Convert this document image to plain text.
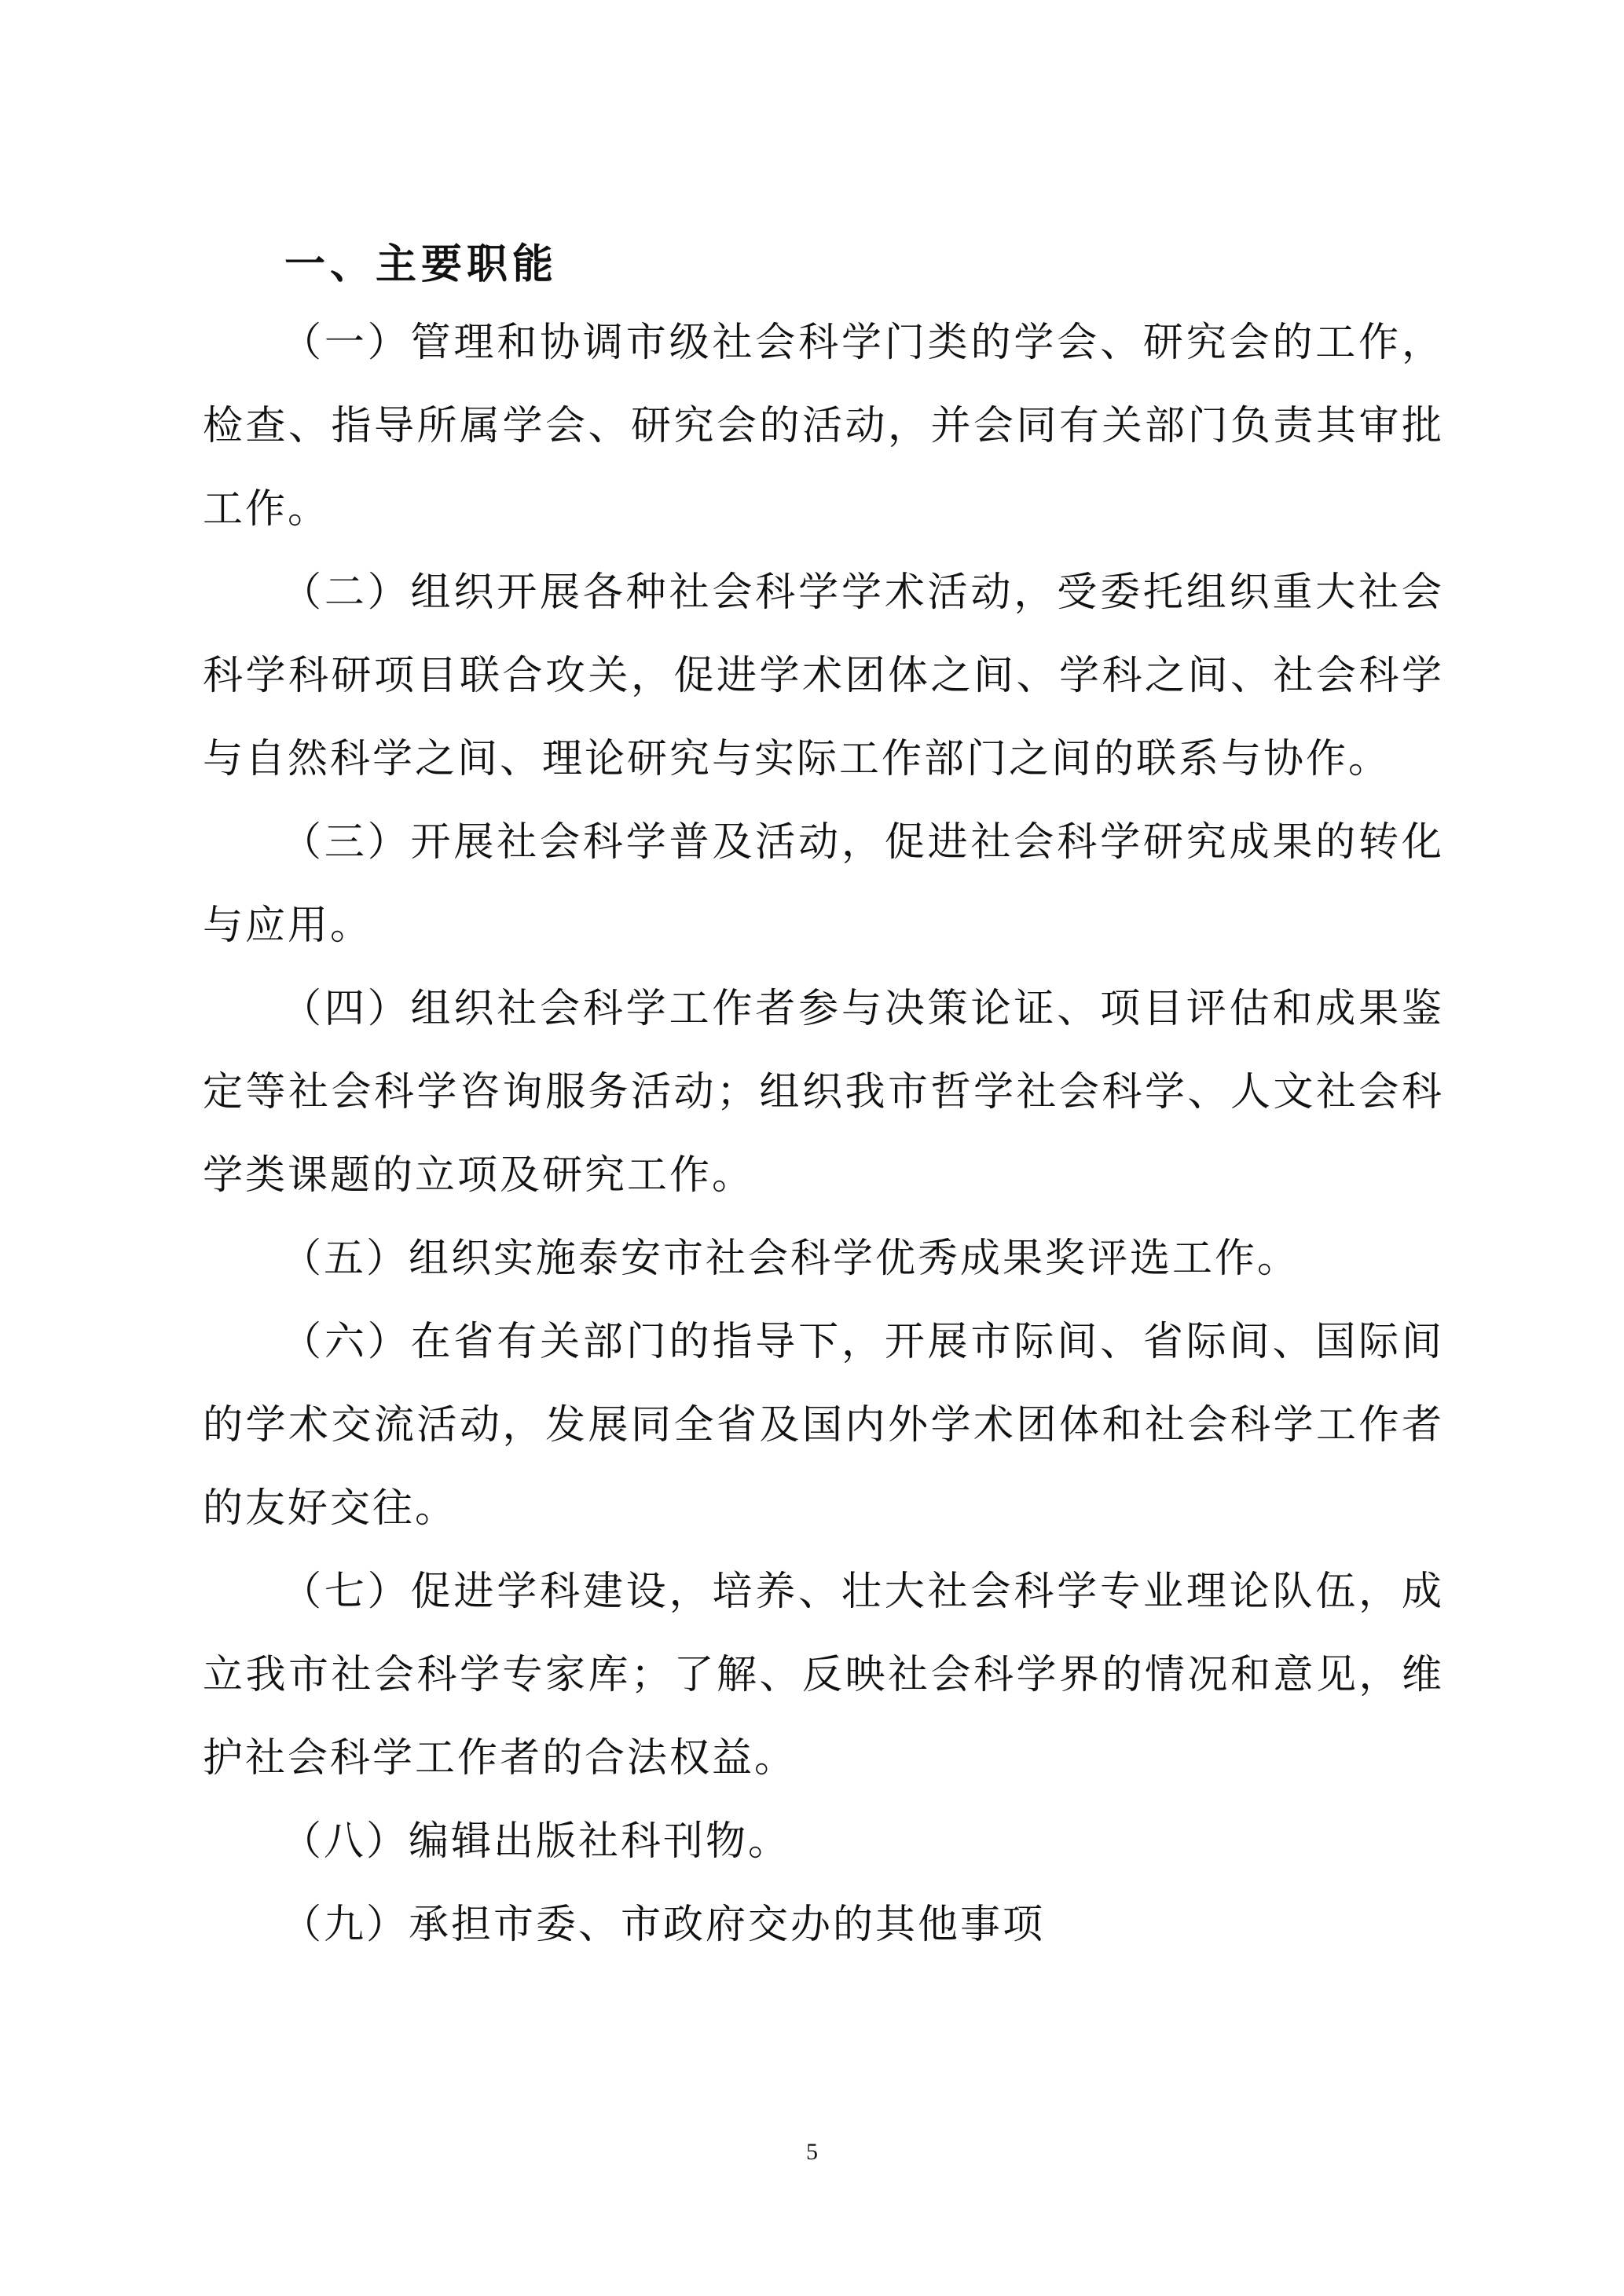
一、主要职能

（一）管理和协调市级社会科学门类的学会、研究会的工作，检查、指导所属学会、研究会的活动，并会同有关部门负责其审批工作。

（二）组织开展各种社会科学学术活动，受委托组织重大社会科学科研项目联合攻关，促进学术团体之间、学科之间、社会科学与自然科学之间、理论研究与实际工作部门之间的联系与协作。

（三）开展社会科学普及活动，促进社会科学研究成果的转化与应用。

（四）组织社会科学工作者参与决策论证、项目评估和成果鉴定等社会科学咨询服务活动；组织我市哲学社会科学、人文社会科学类课题的立项及研究工作。

（五）组织实施泰安市社会科学优秀成果奖评选工作。

（六）在省有关部门的指导下，开展市际间、省际间、国际间的学术交流活动，发展同全省及国内外学术团体和社会科学工作者的友好交往。

（七）促进学科建设，培养、壮大社会科学专业理论队伍，成立我市社会科学专家库；了解、反映社会科学界的情况和意见，维护社会科学工作者的合法权益。

（八）编辑出版社科刊物。

（九）承担市委、市政府交办的其他事项

5
